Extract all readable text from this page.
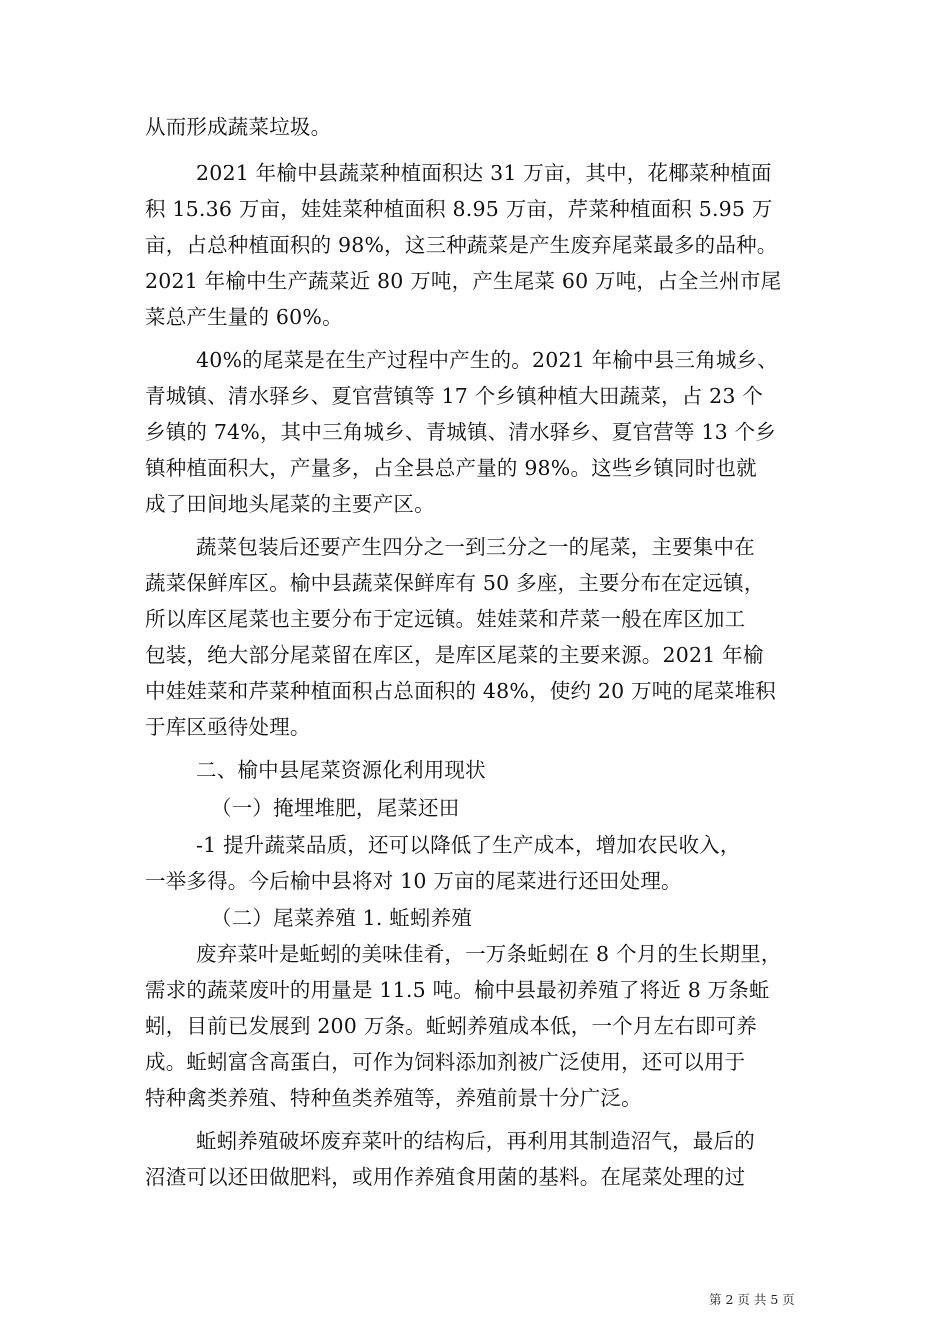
从而形成蔬菜垃圾。
2021 年榆中县蔬菜种植面积达 31 万亩，其中，花椰菜种植面
积 15.36 万亩，娃娃菜种植面积 8.95 万亩，芹菜种植面积 5.95 万
亩，占总种植面积的 98%，这三种蔬菜是产生废弃尾菜最多的品种。
2021 年榆中生产蔬菜近 80 万吨，产生尾菜 60 万吨，占全兰州市尾
菜总产生量的 60%。
40%的尾菜是在生产过程中产生的。2021 年榆中县三角城乡、
青城镇、清水驿乡、夏官营镇等 17 个乡镇种植大田蔬菜，占 23 个
乡镇的 74%，其中三角城乡、青城镇、清水驿乡、夏官营等 13 个乡
镇种植面积大，产量多，占全县总产量的 98%。这些乡镇同时也就
成了田间地头尾菜的主要产区。
蔬菜包装后还要产生四分之一到三分之一的尾菜，主要集中在
蔬菜保鲜库区。榆中县蔬菜保鲜库有 50 多座，主要分布在定远镇，
所以库区尾菜也主要分布于定远镇。娃娃菜和芹菜一般在库区加工
包装，绝大部分尾菜留在库区，是库区尾菜的主要来源。2021 年榆
中娃娃菜和芹菜种植面积占总面积的 48%，使约 20 万吨的尾菜堆积
于库区亟待处理。
二、榆中县尾菜资源化利用现状
（一）掩埋堆肥，尾菜还田
-1 提升蔬菜品质，还可以降低了生产成本，增加农民收入，
一举多得。今后榆中县将对 10 万亩的尾菜进行还田处理。
（二）尾菜养殖 1. 蚯蚓养殖
废弃菜叶是蚯蚓的美味佳肴，一万条蚯蚓在 8 个月的生长期里，
需求的蔬菜废叶的用量是 11.5 吨。榆中县最初养殖了将近 8 万条蚯
蚓，目前已发展到 200 万条。蚯蚓养殖成本低，一个月左右即可养
成。蚯蚓富含高蛋白，可作为饲料添加剂被广泛使用，还可以用于
特种禽类养殖、特种鱼类养殖等，养殖前景十分广泛。
蚯蚓养殖破坏废弃菜叶的结构后，再利用其制造沼气，最后的
沼渣可以还田做肥料，或用作养殖食用菌的基料。在尾菜处理的过
第 2 页 共 5 页
